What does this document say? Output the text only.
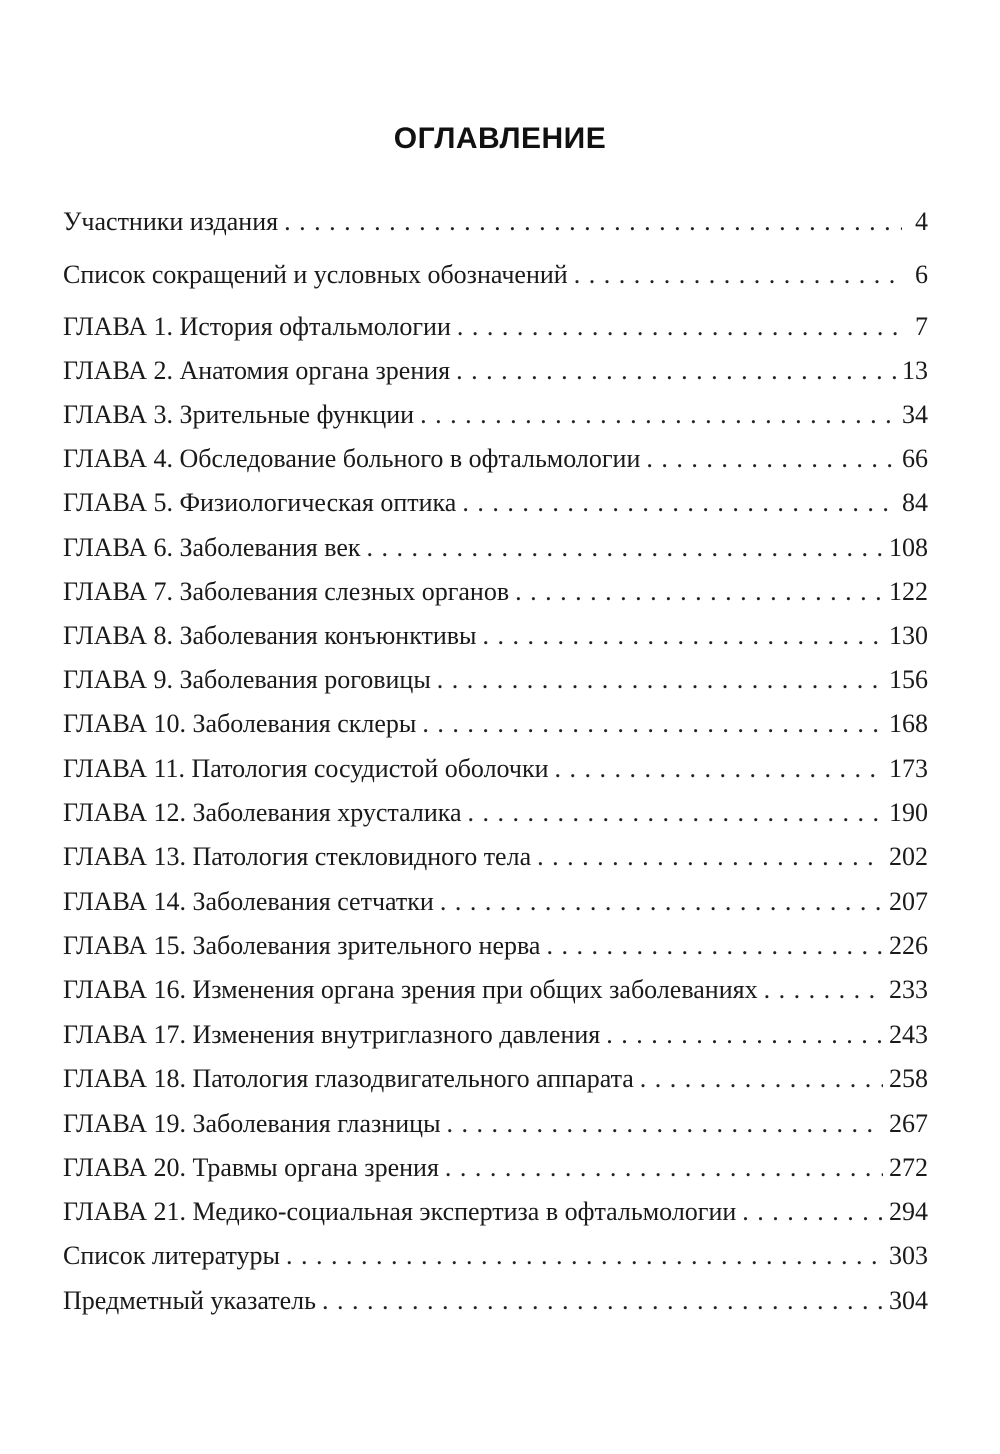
ОГЛАВЛЕНИЕ
Участники издания . . .	4
Список сокращений и условных обозначений . . .	6
ГЛАВА 1. История офтальмологии . . .	7
ГЛАВА 2. Анатомия органа зрения . . .	13
ГЛАВА 3. Зрительные функции . . .	34
ГЛАВА 4. Обследование больного в офтальмологии . . .	66
ГЛАВА 5. Физиологическая оптика . . .	84
ГЛАВА 6. Заболевания век . . .	108
ГЛАВА 7. Заболевания слезных органов . . .	122
ГЛАВА 8. Заболевания конъюнктивы . . .	130
ГЛАВА 9. Заболевания роговицы . . .	156
ГЛАВА 10. Заболевания склеры . . .	168
ГЛАВА 11. Патология сосудистой оболочки . . .	173
ГЛАВА 12. Заболевания хрусталика . . .	190
ГЛАВА 13. Патология стекловидного тела . . .	202
ГЛАВА 14. Заболевания сетчатки . . .	207
ГЛАВА 15. Заболевания зрительного нерва . . .	226
ГЛАВА 16. Изменения органа зрения при общих заболеваниях . . .	233
ГЛАВА 17. Изменения внутриглазного давления . . .	243
ГЛАВА 18. Патология глазодвигательного аппарата . . .	258
ГЛАВА 19. Заболевания глазницы . . .	267
ГЛАВА 20. Травмы органа зрения . . .	272
ГЛАВА 21. Медико-социальная экспертиза в офтальмологии . . .	294
Список литературы . . .	303
Предметный указатель . . .	304
